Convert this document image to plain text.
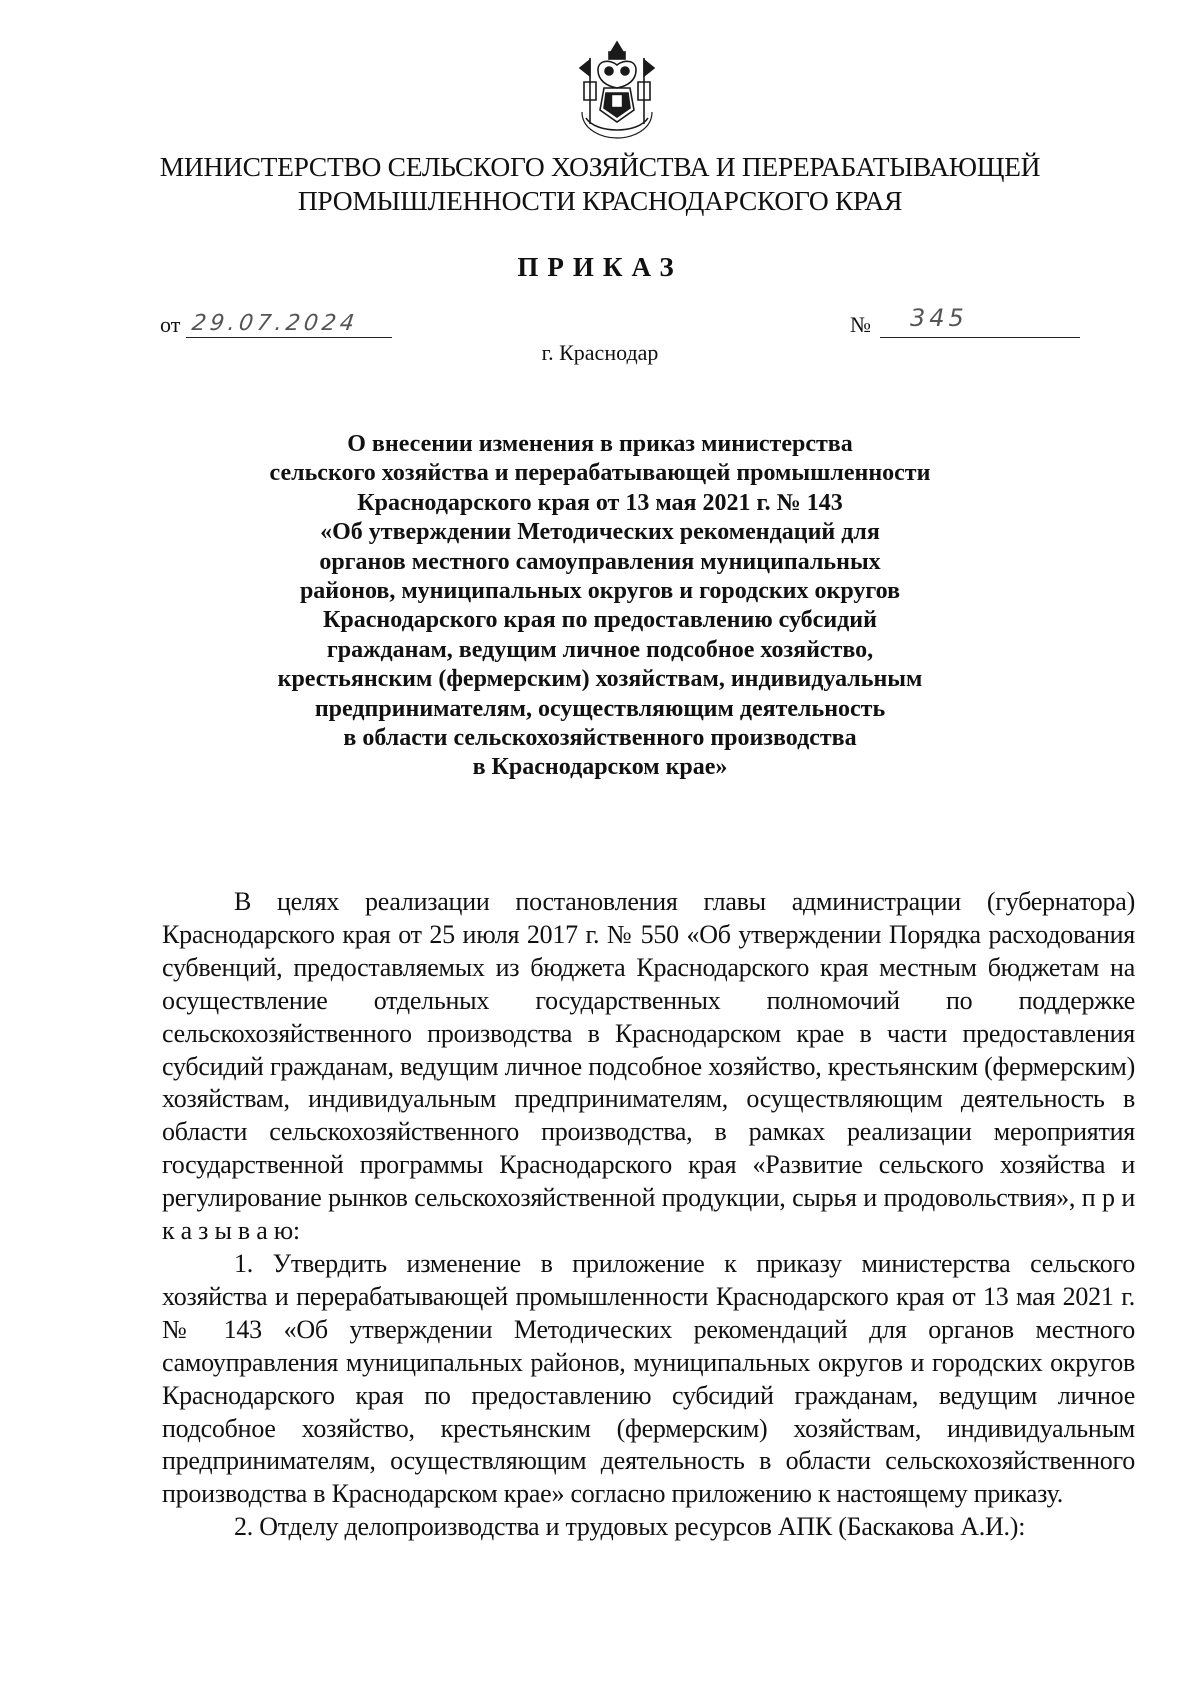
МИНИСТЕРСТВО СЕЛЬСКОГО ХОЗЯЙСТВА И ПЕРЕРАБАТЫВАЮЩЕЙ
ПРОМЫШЛЕННОСТИ КРАСНОДАРСКОГО КРАЯ
ПРИКАЗ
от 29.07.2024	№ 345
г. Краснодар
О внесении изменения в приказ министерства
сельского хозяйства и перерабатывающей промышленности
Краснодарского края от 13 мая 2021 г. № 143
«Об утверждении Методических рекомендаций для
органов местного самоуправления муниципальных
районов, муниципальных округов и городских округов
Краснодарского края по предоставлению субсидий
гражданам, ведущим личное подсобное хозяйство,
крестьянским (фермерским) хозяйствам, индивидуальным
предпринимателям, осуществляющим деятельность
в области сельскохозяйственного производства
в Краснодарском крае»

В целях реализации постановления главы администрации (губернатора) Краснодарского края от 25 июля 2017 г. № 550 «Об утверждении Порядка расходования субвенций, предоставляемых из бюджета Краснодарского края местным бюджетам на осуществление отдельных государственных полномочий по поддержке сельскохозяйственного производства в Краснодарском крае в части предоставления субсидий гражданам, ведущим личное подсобное хозяйство, крестьянским (фермерским) хозяйствам, индивидуальным предпринимателям, осуществляющим деятельность в области сельскохозяйственного производства, в рамках реализации мероприятия государственной программы Краснодарского края «Развитие сельского хозяйства и регулирование рынков сельскохозяйственной продукции, сырья и продовольствия», п р и к а з ы в а ю:

1. Утвердить изменение в приложение к приказу министерства сельского хозяйства и перерабатывающей промышленности Краснодарского края от 13 мая 2021 г. № 143 «Об утверждении Методических рекомендаций для органов местного самоуправления муниципальных районов, муниципальных округов и городских округов Краснодарского края по предоставлению субсидий гражданам, ведущим личное подсобное хозяйство, крестьянским (фермерским) хозяйствам, индивидуальным предпринимателям, осуществляющим деятельность в области сельскохозяйственного производства в Краснодарском крае» согласно приложению к настоящему приказу.

2. Отделу делопроизводства и трудовых ресурсов АПК (Баскакова А.И.):
